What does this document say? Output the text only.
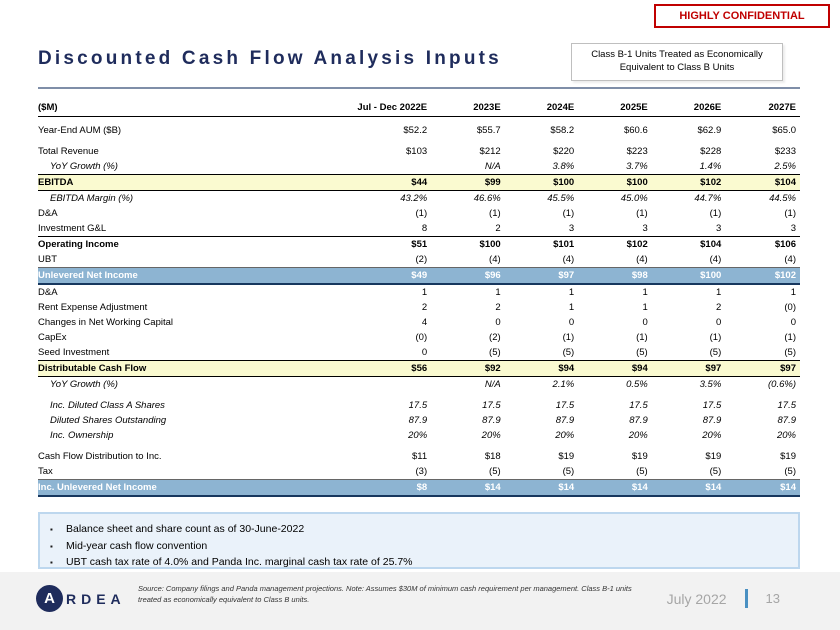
HIGHLY CONFIDENTIAL
Discounted Cash Flow Analysis Inputs	Class B-1 Units Treated as Economically Equivalent to Class B Units
($M)	Jul - Dec 2022E	2023E	2024E	2025E	2026E	2027E
Year-End AUM ($B)	$52.2	$55.7	$58.2	$60.6	$62.9	$65.0
Total Revenue	$103	$212	$220	$223	$228	$233
YoY Growth (%)		N/A	3.8%	3.7%	1.4%	2.5%
EBITDA	$44	$99	$100	$100	$102	$104
EBITDA Margin (%)	43.2%	46.6%	45.5%	45.0%	44.7%	44.5%
D&A	(1)	(1)	(1)	(1)	(1)	(1)
Investment G&L	8	2	3	3	3	3
Operating Income	$51	$100	$101	$102	$104	$106
UBT	(2)	(4)	(4)	(4)	(4)	(4)
Unlevered Net Income	$49	$96	$97	$98	$100	$102
D&A	1	1	1	1	1	1
Rent Expense Adjustment	2	2	1	1	2	(0)
Changes in Net Working Capital	4	0	0	0	0	0
CapEx	(0)	(2)	(1)	(1)	(1)	(1)
Seed Investment	0	(5)	(5)	(5)	(5)	(5)
Distributable Cash Flow	$56	$92	$94	$94	$97	$97
YoY Growth (%)		N/A	2.1%	0.5%	3.5%	(0.6%)
Inc. Diluted Class A Shares	17.5	17.5	17.5	17.5	17.5	17.5
Diluted Shares Outstanding	87.9	87.9	87.9	87.9	87.9	87.9
Inc. Ownership	20%	20%	20%	20%	20%	20%
Cash Flow Distribution to Inc.	$11	$18	$19	$19	$19	$19
Tax	(3)	(5)	(5)	(5)	(5)	(5)
Inc. Unlevered Net Income	$8	$14	$14	$14	$14	$14
▪ Balance sheet and share count as of 30-June-2022
▪ Mid-year cash flow convention
▪ UBT cash tax rate of 4.0% and Panda Inc. marginal cash tax rate of 25.7%
A RDEA
Source: Company filings and Panda management projections. Note: Assumes $30M of minimum cash requirement per management. Class B-1 units treated as economically equivalent to Class B units.	July 2022	13
